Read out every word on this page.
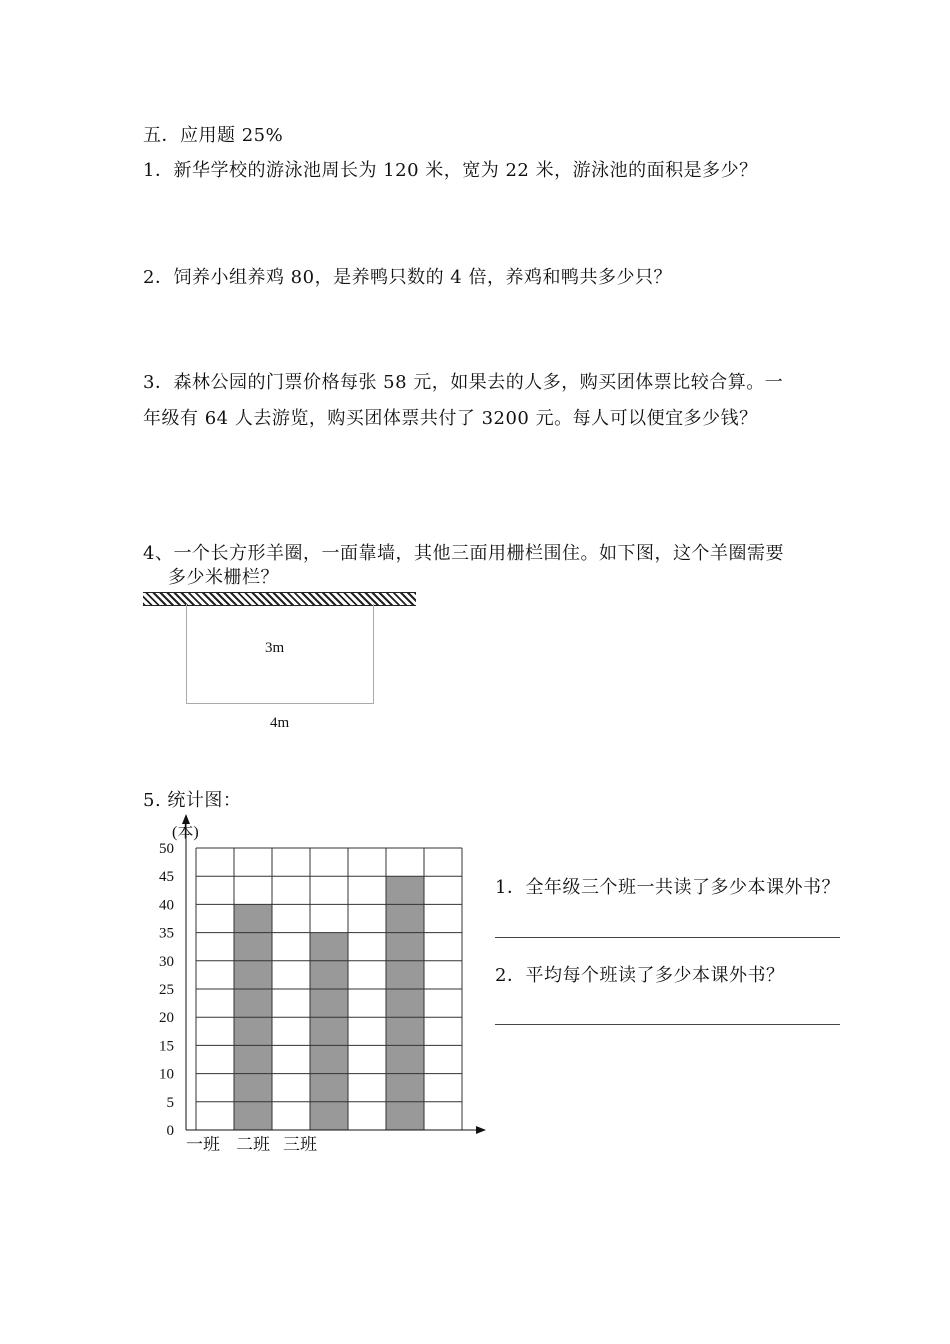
五．应用题 25%
1．新华学校的游泳池周长为 120 米，宽为 22 米，游泳池的面积是多少？
2．饲养小组养鸡 80，是养鸭只数的 4 倍，养鸡和鸭共多少只？
3．森林公园的门票价格每张 58 元，如果去的人多，购买团体票比较合算。一
年级有 64 人去游览，购买团体票共付了 3200 元。每人可以便宜多少钱？
4、一个长方形羊圈，一面靠墙，其他三面用栅栏围住。如下图，这个羊圈需要
多少米栅栏？
3m
4m
5. 统计图：
(本)
0
5
10
15
20
25
30
35
40
45
50
一班 二班 三班
1．全年级三个班一共读了多少本课外书？
2．平均每个班读了多少本课外书？
